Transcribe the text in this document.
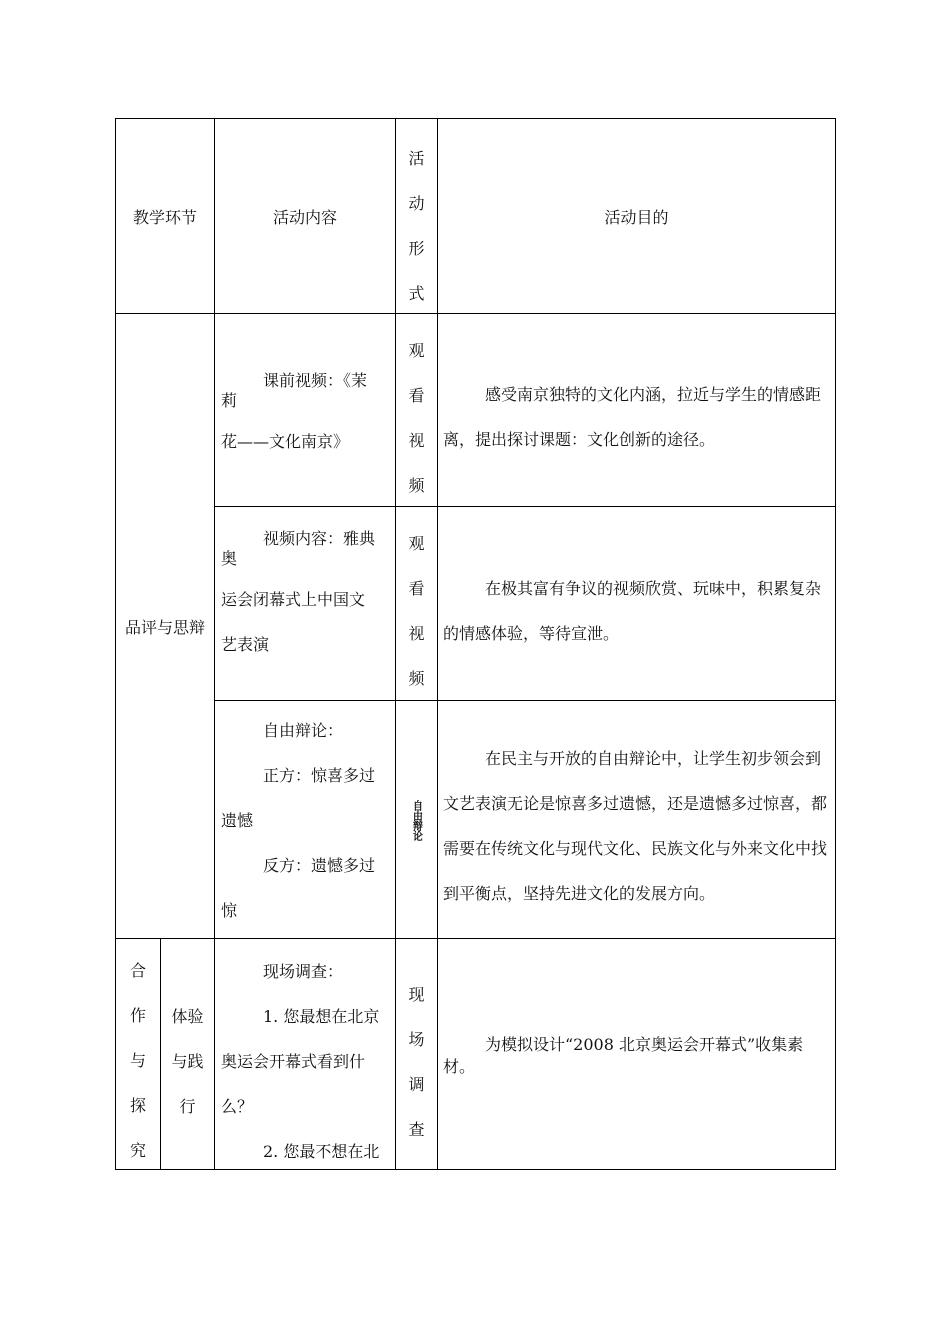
教学环节	活动内容
活
动
形
式
活动目的
品评与思辩
课前视频：《茉
莉
花——文化南京》
观
看
视
频
感受南京独特的文化内涵，拉近与学生的情感距离，提出探讨课题：文化创新的途径。
视频内容：雅典
奥
运会闭幕式上中国文
艺表演
观
看
视
频
在极其富有争议的视频欣赏、玩味中，积累复杂的情感体验，等待宣泄。
自由辩论：
正方：惊喜多过
遗憾
反方：遗憾多过
惊
自由辩论
在民主与开放的自由辩论中，让学生初步领会到文艺表演无论是惊喜多过遗憾，还是遗憾多过惊喜，都需要在传统文化与现代文化、民族文化与外来文化中找到平衡点，坚持先进文化的发展方向。
合
作
与
探
究
体验
与践
行
现场调查：
1. 您最想在北京
奥运会开幕式看到什
么？
2. 您最不想在北
现
场
调
查
为模拟设计“2008 北京奥运会开幕式”收集素材。
